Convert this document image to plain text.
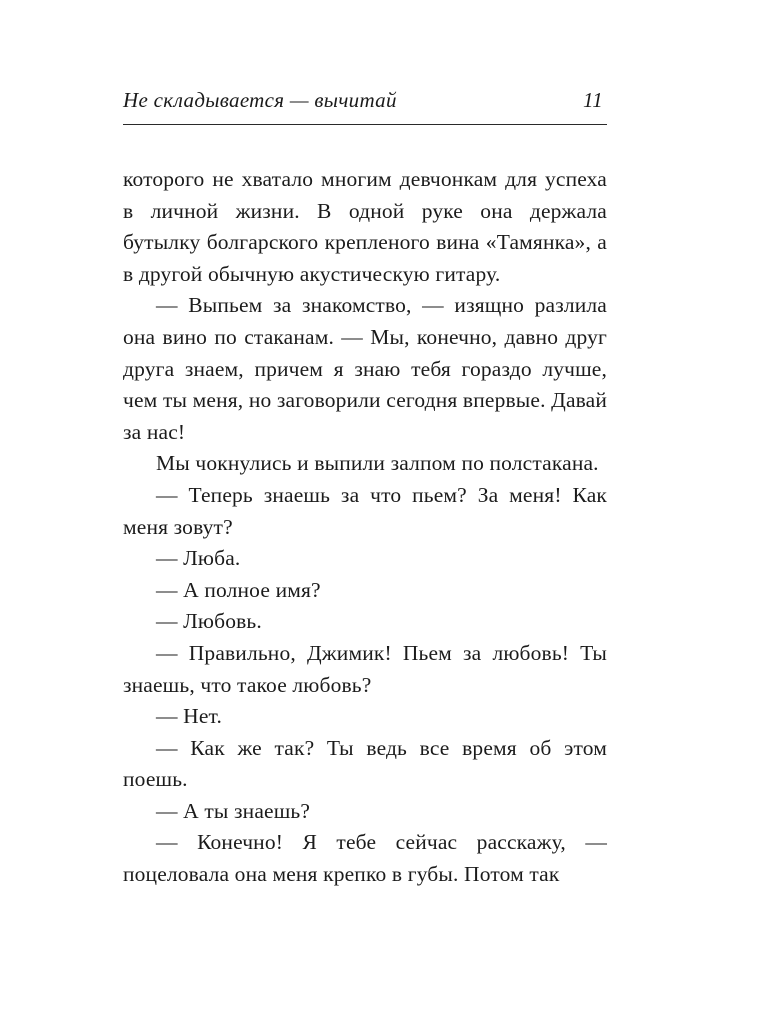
Не складывается — вычитай	11

которого не хватало многим девчонкам для успеха в личной жизни. В одной руке она держала бутылку болгарского крепленого вина «Тамянка», а в другой обычную акустическую гитару.

— Выпьем за знакомство, — изящно разлила она вино по стаканам. — Мы, конечно, давно друг друга знаем, причем я знаю тебя гораздо лучше, чем ты меня, но заговорили сегодня впервые. Давай за нас!

Мы чокнулись и выпили залпом по полстакана.

— Теперь знаешь за что пьем? За меня! Как меня зовут?

— Люба.

— А полное имя?

— Любовь.

— Правильно, Джимик! Пьем за любовь! Ты знаешь, что такое любовь?

— Нет.

— Как же так? Ты ведь все время об этом поешь.

— А ты знаешь?

— Конечно! Я тебе сейчас расскажу, — поцеловала она меня крепко в губы. Потом так
